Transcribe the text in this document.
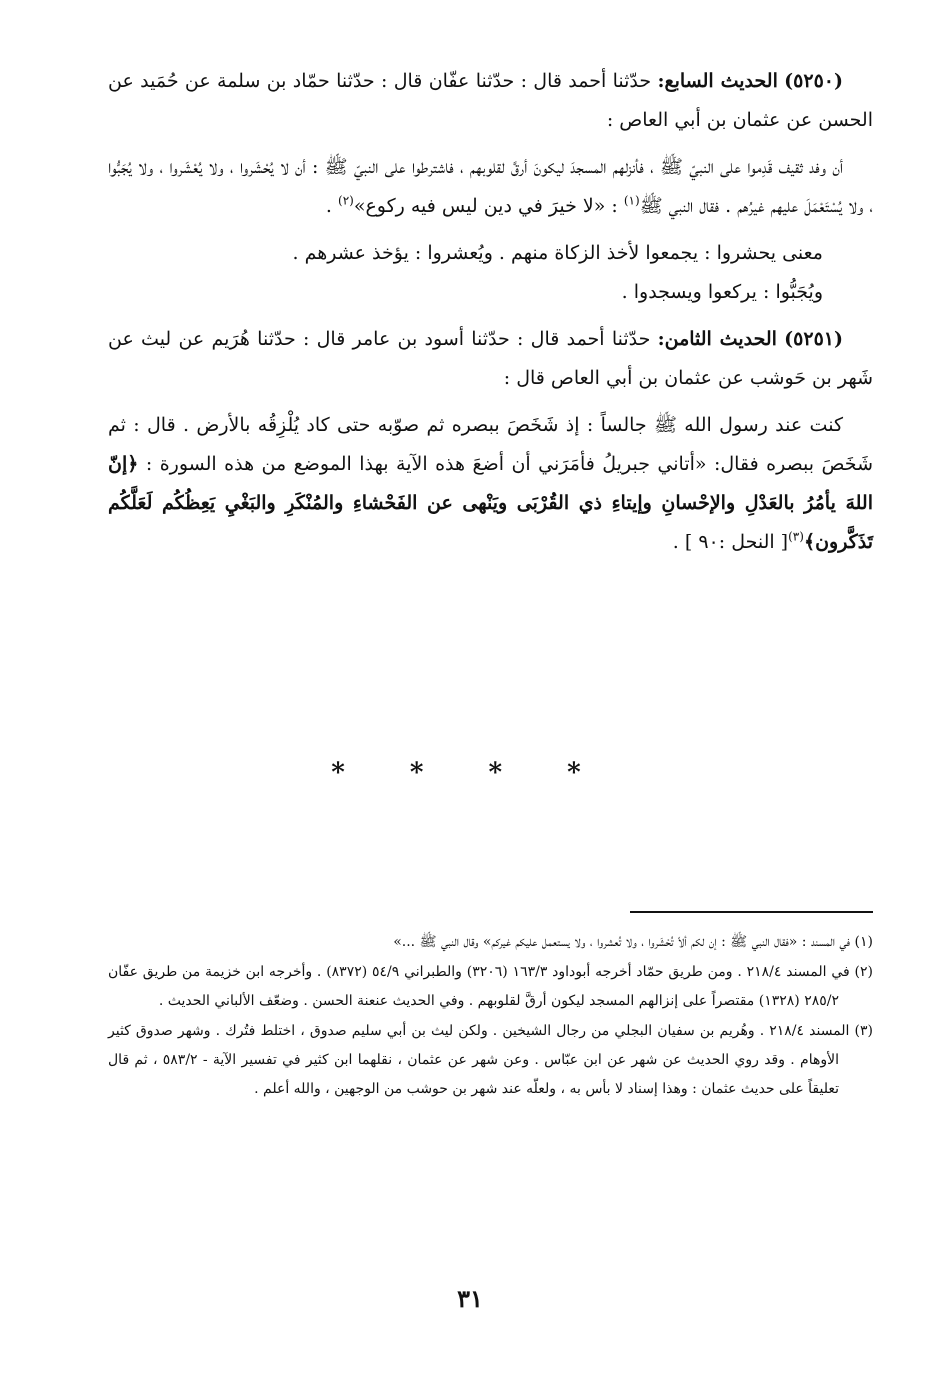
(٥٢٥٠) الحديث السابع: حدّثنا أحمد قال : حدّثنا عفّان قال : حدّثنا حمّاد بن سلمة عن حُمَيد عن الحسن عن عثمان بن أبي العاص :

أن وفد ثقيف قَدِموا على النبيّ ﷺ ، فأنزلهم المسجدَ ليكونَ أرقَّ لقلوبهم ، فاشترطوا على النبيّ ﷺ : أن لا يُحْشَروا ، ولا يُعْشَروا ، ولا يُجَبُّوا ، ولا يُسْتَعْمَلَ عليهم غيرُهم . فقال النبي ﷺ$^{(١)}$ : «لا خيرَ في دين ليس فيه ركوع»$^{(٢)}$ .

معنى يحشروا : يجمعوا لأخذ الزكاة منهم . ويُعشروا : يؤخذ عشرهم .

ويُجَبُّوا : يركعوا ويسجدوا .

(٥٢٥١) الحديث الثامن: حدّثنا أحمد قال : حدّثنا أسود بن عامر قال : حدّثنا هُرَيم عن ليث عن شَهر بن حَوشب عن عثمان بن أبي العاص قال :

كنت عند رسول الله ﷺ جالساً : إذ شَخَصَ ببصره ثم صوّبه حتى كاد يُلْزِقُه بالأرض . قال : ثم شَخَصَ ببصره فقال: «أتاني جبريلُ فأمَرَني أن أضعَ هذه الآية بهذا الموضع من هذه السورة : ﴿إنّ اللهَ يأمُرُ بالعَدْلِ والإحْسانِ وإيتاءِ ذي القُرْبَى ويَنْهى عن الفَحْشاءِ والمُنْكَرِ والبَغْيِ يَعِظُكُم لَعَلَّكُم تَذَكَّرون﴾$^{(٣)}$[ النحل :٩٠ ] .

* * * *

(١) في المسند : «فقال النبي ﷺ : إن لكم ألاّ تُحْشَروا ، ولا تُعشروا ، ولا يستعمل عليكم غيركم» وقال النبي ﷺ ...»

(٢) في المسند ٢١٨/٤ . ومن طريق حمّاد أخرجه أبوداود ١٦٣/٣ (٣٢٠٦) والطبراني ٥٤/٩ (٨٣٧٢) . وأخرجه ابن خزيمة من طريق عفّان ٢٨٥/٢ (١٣٢٨) مقتصراً على إنزالهم المسجد ليكون أرقَّ لقلوبهم . وفي الحديث عنعنة الحسن . وضعّف الألباني الحديث .

(٣) المسند ٢١٨/٤ . وهُريم بن سفيان البجلي من رجال الشيخين . ولكن ليث بن أبي سليم صدوق ، اختلط فتُرك . وشهر صدوق كثير الأوهام . وقد روي الحديث عن شهر عن ابن عبّاس . وعن شهر عن عثمان ، نقلهما ابن كثير في تفسير الآية - ٥٨٣/٢ ، ثم قال تعليقاً على حديث عثمان : وهذا إسناد لا بأس به ، ولعلّه عند شهر بن حوشب من الوجهين ، والله أعلم .

٣١
